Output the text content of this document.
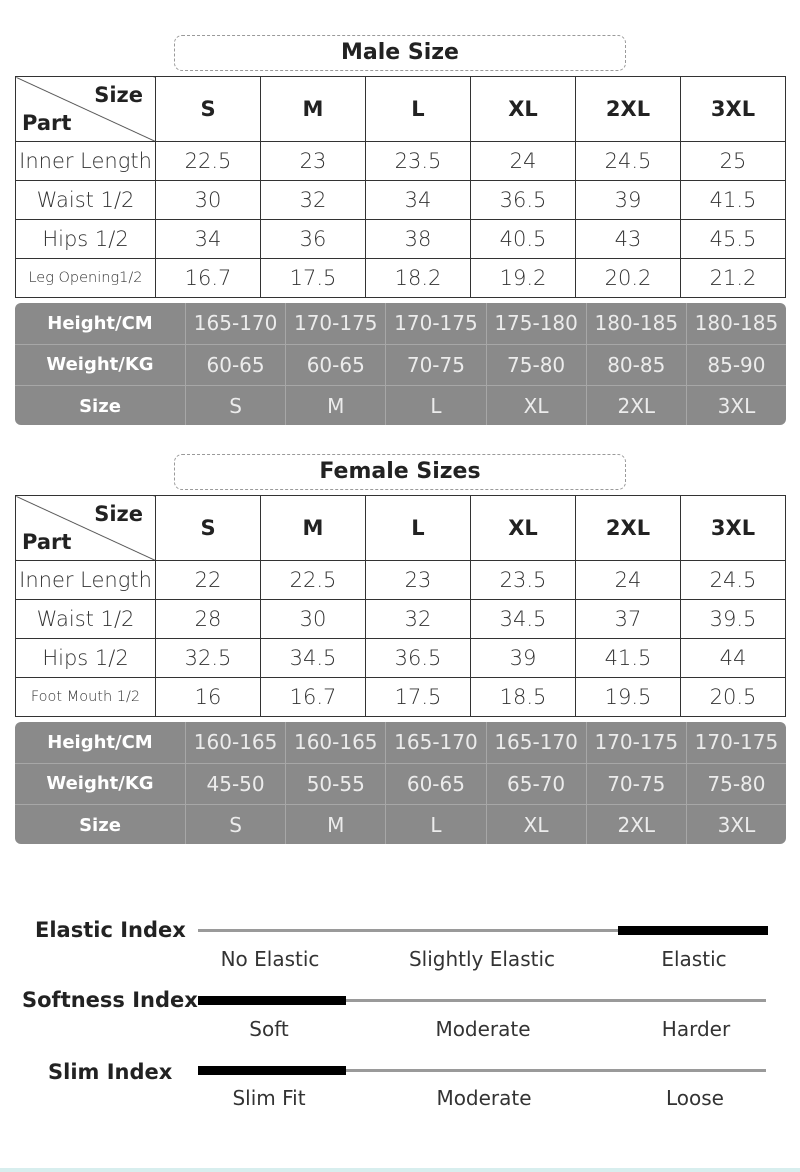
Male Size
Size
Part	S	M	L	XL	2XL	3XL
Inner Length	22.5	23	23.5	24	24.5	25
Waist 1/2	30	32	34	36.5	39	41.5
Hips 1/2	34	36	38	40.5	43	45.5
Leg Opening1/2	16.7	17.5	18.2	19.2	20.2	21.2
Height/CM	165-170 170-175 170-175 175-180 180-185 180-185
Weight/KG	60-65	60-65	70-75	75-80	80-85	85-90
Size	S	M	L	XL	2XL	3XL
Female Sizes
Size
Part	S	M	L	XL	2XL	3XL
Inner Length	22	22.5	23	23.5	24	24.5
Waist 1/2	28	30	32	34.5	37	39.5
Hips 1/2	32.5	34.5	36.5	39	41.5	44
Foot Mouth 1/2	16	16.7	17.5	18.5	19.5	20.5
Height/CM	160-165 160-165 165-170 165-170 170-175 170-175
Weight/KG	45-50	50-55	60-65	65-70	70-75	75-80
Size	S	M	L	XL	2XL	3XL
Elastic Index
No Elastic	Slightly Elastic	Elastic
Softness Index
Soft	Moderate	Harder
Slim Index
Slim Fit	Moderate	Loose
